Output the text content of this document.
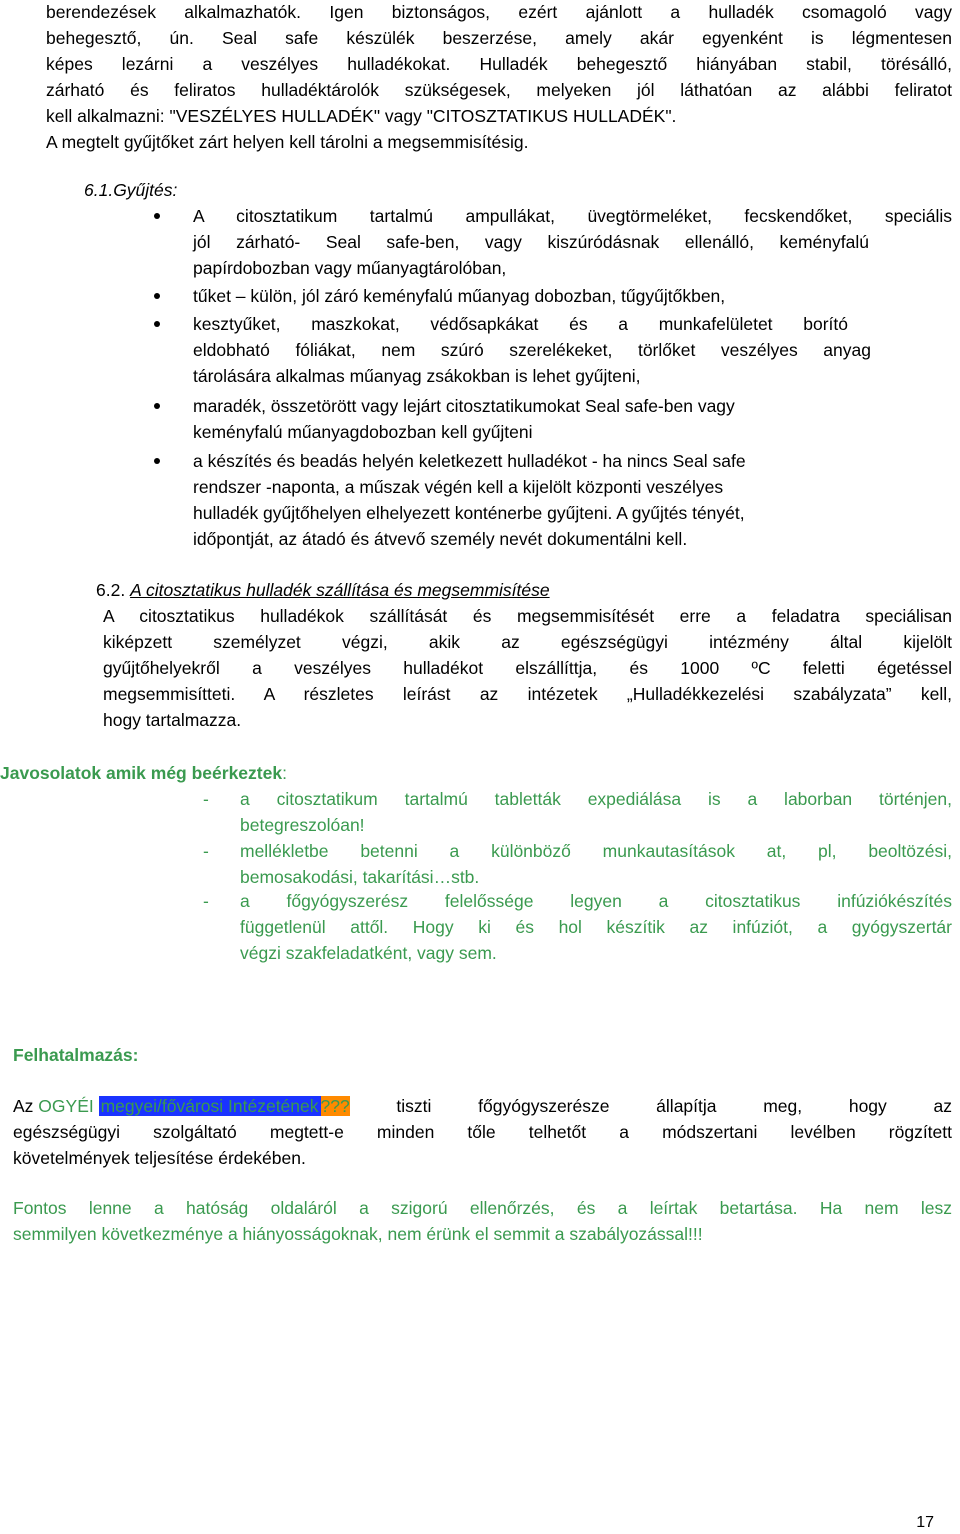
berendezések alkalmazhatók. Igen biztonságos, ezért ajánlott a hulladék csomagoló vagy

behegesztő, ún. Seal safe készülék beszerzése, amely akár egyenként is légmentesen

képes lezárni a veszélyes hulladékokat. Hulladék behegesztő hiányában stabil, törésálló,

zárható és feliratos hulladéktárolók szükségesek, melyeken jól láthatóan az alábbi feliratot

kell alkalmazni: "VESZÉLYES HULLADÉK" vagy "CITOSZTATIKUS HULLADÉK".

A megtelt gyűjtőket zárt helyen kell tárolni a megsemmisítésig.

6.1.Gyűjtés:

A citosztatikum tartalmú ampullákat, üvegtörmeléket, fecskendőket, speciális

jól zárható- Seal safe-ben, vagy kiszúródásnak ellenálló, keményfalú

papírdobozban vagy műanyagtárolóban,

tűket – külön, jól záró keményfalú műanyag dobozban, tűgyűjtőkben,

kesztyűket, maszkokat, védősapkákat és a munkafelületet borító

eldobható fóliákat, nem szúró szerelékeket, törlőket veszélyes anyag

tárolására alkalmas műanyag zsákokban is lehet gyűjteni,

maradék, összetörött vagy lejárt citosztatikumokat Seal safe-ben vagy

keményfalú műanyagdobozban kell gyűjteni

a készítés és beadás helyén keletkezett hulladékot - ha nincs Seal safe

rendszer -naponta, a műszak végén kell a kijelölt központi veszélyes

hulladék gyűjtőhelyen elhelyezett konténerbe gyűjteni. A gyűjtés tényét,

időpontját, az átadó és átvevő személy nevét dokumentálni kell.

6.2. A citosztatikus hulladék szállítása és megsemmisítése

A citosztatikus hulladékok szállítását és megsemmisítését erre a feladatra speciálisan

kiképzett személyzet végzi, akik az egészségügyi intézmény által kijelölt

gyűjtőhelyekről a veszélyes hulladékot elszállíttja, és 1000 ºC feletti égetéssel

megsemmisítteti. A részletes leírást az intézetek „Hulladékkezelési szabályzata” kell,

hogy tartalmazza.

Javosolatok amik még beérkeztek:

- a citosztatikum tartalmú tabletták expediálása is a laborban történjen,

betegreszolóan!

- mellékletbe betenni a különböző munkautasítások at, pl, beoltözési,

bemosakodási, takarítási…stb.

- a főgyógyszerész felelőssége legyen a citosztatikus infúziókészítés

függetlenül attől. Hogy ki és hol készítik az infúziót, a gyógyszertár

végzi szakfeladatként, vagy sem.

Felhatalmazás:

Az OGYÉI megyei/fővárosi Intézetének ??? tiszti főgyógyszerésze állapítja meg, hogy az

egészségügyi szolgáltató megtett-e minden tőle telhetőt a módszertani levélben rögzített

követelmények teljesítése érdekében.

Fontos lenne a hatóság oldaláról a szigorú ellenőrzés, és a leírtak betartása. Ha nem lesz

semmilyen következménye a hiányosságoknak, nem érünk el semmit a szabályozással!!!

17
